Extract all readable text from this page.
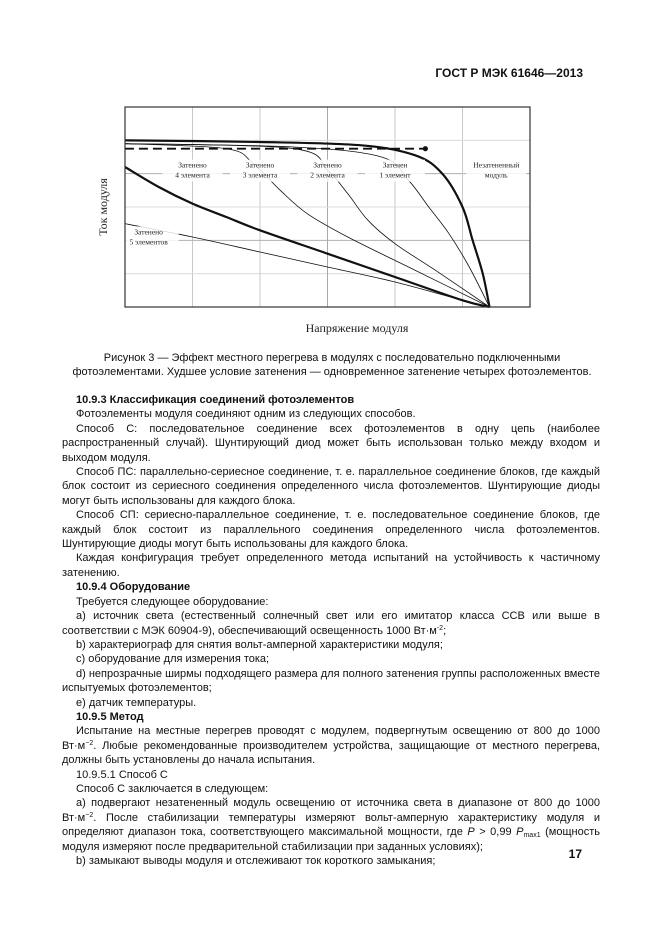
ГОСТ Р МЭК 61646—2013
Затенено 4 элемента
Затенено 3 элемента
Затенено 2 элемента
Затенен 1 элемент
Незатененный модуль
Затенено 5 элементов
Ток модуля
Напряжение модуля
Рисунок 3 — Эффект местного перегрева в модулях с последовательно подключенными фотоэлементами. Худшее условие затенения — одновременное затенение четырех фотоэлементов.

10.9.3 Классификация соединений фотоэлементов

Фотоэлементы модуля соединяют одним из следующих способов.

Способ С: последовательное соединение всех фотоэлементов в одну цепь (наиболее распространенный случай). Шунтирующий диод может быть использован только между входом и выходом модуля.

Способ ПС: параллельно-сериесное соединение, т. е. параллельное соединение блоков, где каждый блок состоит из сериесного соединения определенного числа фотоэлементов. Шунтирующие диоды могут быть использованы для каждого блока.

Способ СП: сериесно-параллельное соединение, т. е. последовательное соединение блоков, где каждый блок состоит из параллельного соединения определенного числа фотоэлементов. Шунтирующие диоды могут быть использованы для каждого блока.

Каждая конфигурация требует определенного метода испытаний на устойчивость к частичному затенению.

10.9.4 Оборудование

Требуется следующее оборудование:

a) источник света (естественный солнечный свет или его имитатор класса ССВ или выше в соответствии с МЭК 60904-9), обеспечивающий освещенность 1000 $Вт\cdot м^{-2}$;

b) характериограф для снятия вольт-амперной характеристики модуля;

c) оборудование для измерения тока;

d) непрозрачные ширмы подходящего размера для полного затенения группы расположенных вместе испытуемых фотоэлементов;

e) датчик температуры.

10.9.5 Метод

Испытание на местные перегрев проводят с модулем, подвергнутым освещению от 800 до 1000 $Вт\cdot м^{-2}$. Любые рекомендованные производителем устройства, защищающие от местного перегрева, должны быть установлены до начала испытания.

10.9.5.1 Способ С

Способ С заключается в следующем:

a) подвергают незатененный модуль освещению от источника света в диапазоне от 800 до 1000 $Вт\cdot м^{-2}$. После стабилизации температуры измеряют вольт-амперную характеристику модуля и определяют диапазон тока, соответствующего максимальной мощности, где P > 0,99 $P_{max1}$ (мощность модуля измеряют после предварительной стабилизации при заданных условиях);

b) замыкают выводы модуля и отслеживают ток короткого замыкания;	17
